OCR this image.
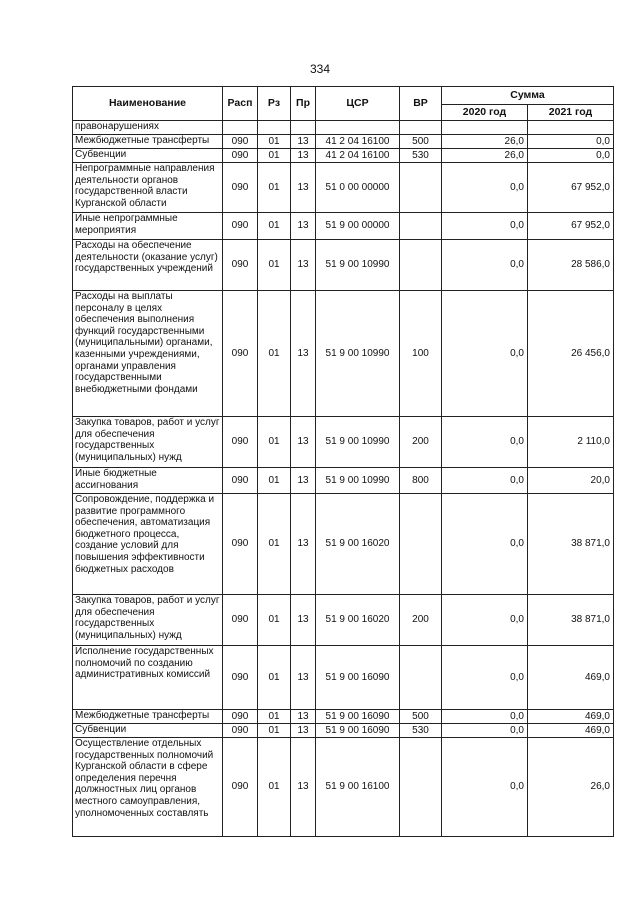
334
Наименование	Расп	Рз	Пр	ЦСР	ВР	Сумма	
						2020 год	2021 год
правонарушениях							
Межбюджетные трансферты	090	01	13	41 2 04 16100	500	26,0	0,0
Субвенции	090	01	13	41 2 04 16100	530	26,0	0,0
Непрограммные направления деятельности органов государственной власти Курганской области	090	01	13	51 0 00 00000		0,0	67 952,0
Иные непрограммные мероприятия	090	01	13	51 9 00 00000		0,0	67 952,0
Расходы на обеспечение деятельности (оказание услуг) государственных учреждений	090	01	13	51 9 00 10990		0,0	28 586,0
Расходы на выплаты персоналу в целях обеспечения выполнения функций государственными (муниципальными) органами, казенными учреждениями, органами управления государственными внебюджетными фондами	090	01	13	51 9 00 10990	100	0,0	26 456,0
Закупка товаров, работ и услуг для обеспечения государственных (муниципальных) нужд	090	01	13	51 9 00 10990	200	0,0	2 110,0
Иные бюджетные ассигнования	090	01	13	51 9 00 10990	800	0,0	20,0
Сопровождение, поддержка и развитие программного обеспечения, автоматизация бюджетного процесса, создание условий для повышения эффективности бюджетных расходов	090	01	13	51 9 00 16020		0,0	38 871,0
Закупка товаров, работ и услуг для обеспечения государственных (муниципальных) нужд	090	01	13	51 9 00 16020	200	0,0	38 871,0
Исполнение государственных полномочий по созданию административных комиссий	090	01	13	51 9 00 16090		0,0	469,0
Межбюджетные трансферты	090	01	13	51 9 00 16090	500	0,0	469,0
Субвенции	090	01	13	51 9 00 16090	530	0,0	469,0
Осуществление отдельных государственных полномочий Курганской области в сфере определения перечня должностных лиц органов местного самоуправления, уполномоченных составлять	090	01	13	51 9 00 16100		0,0	26,0
